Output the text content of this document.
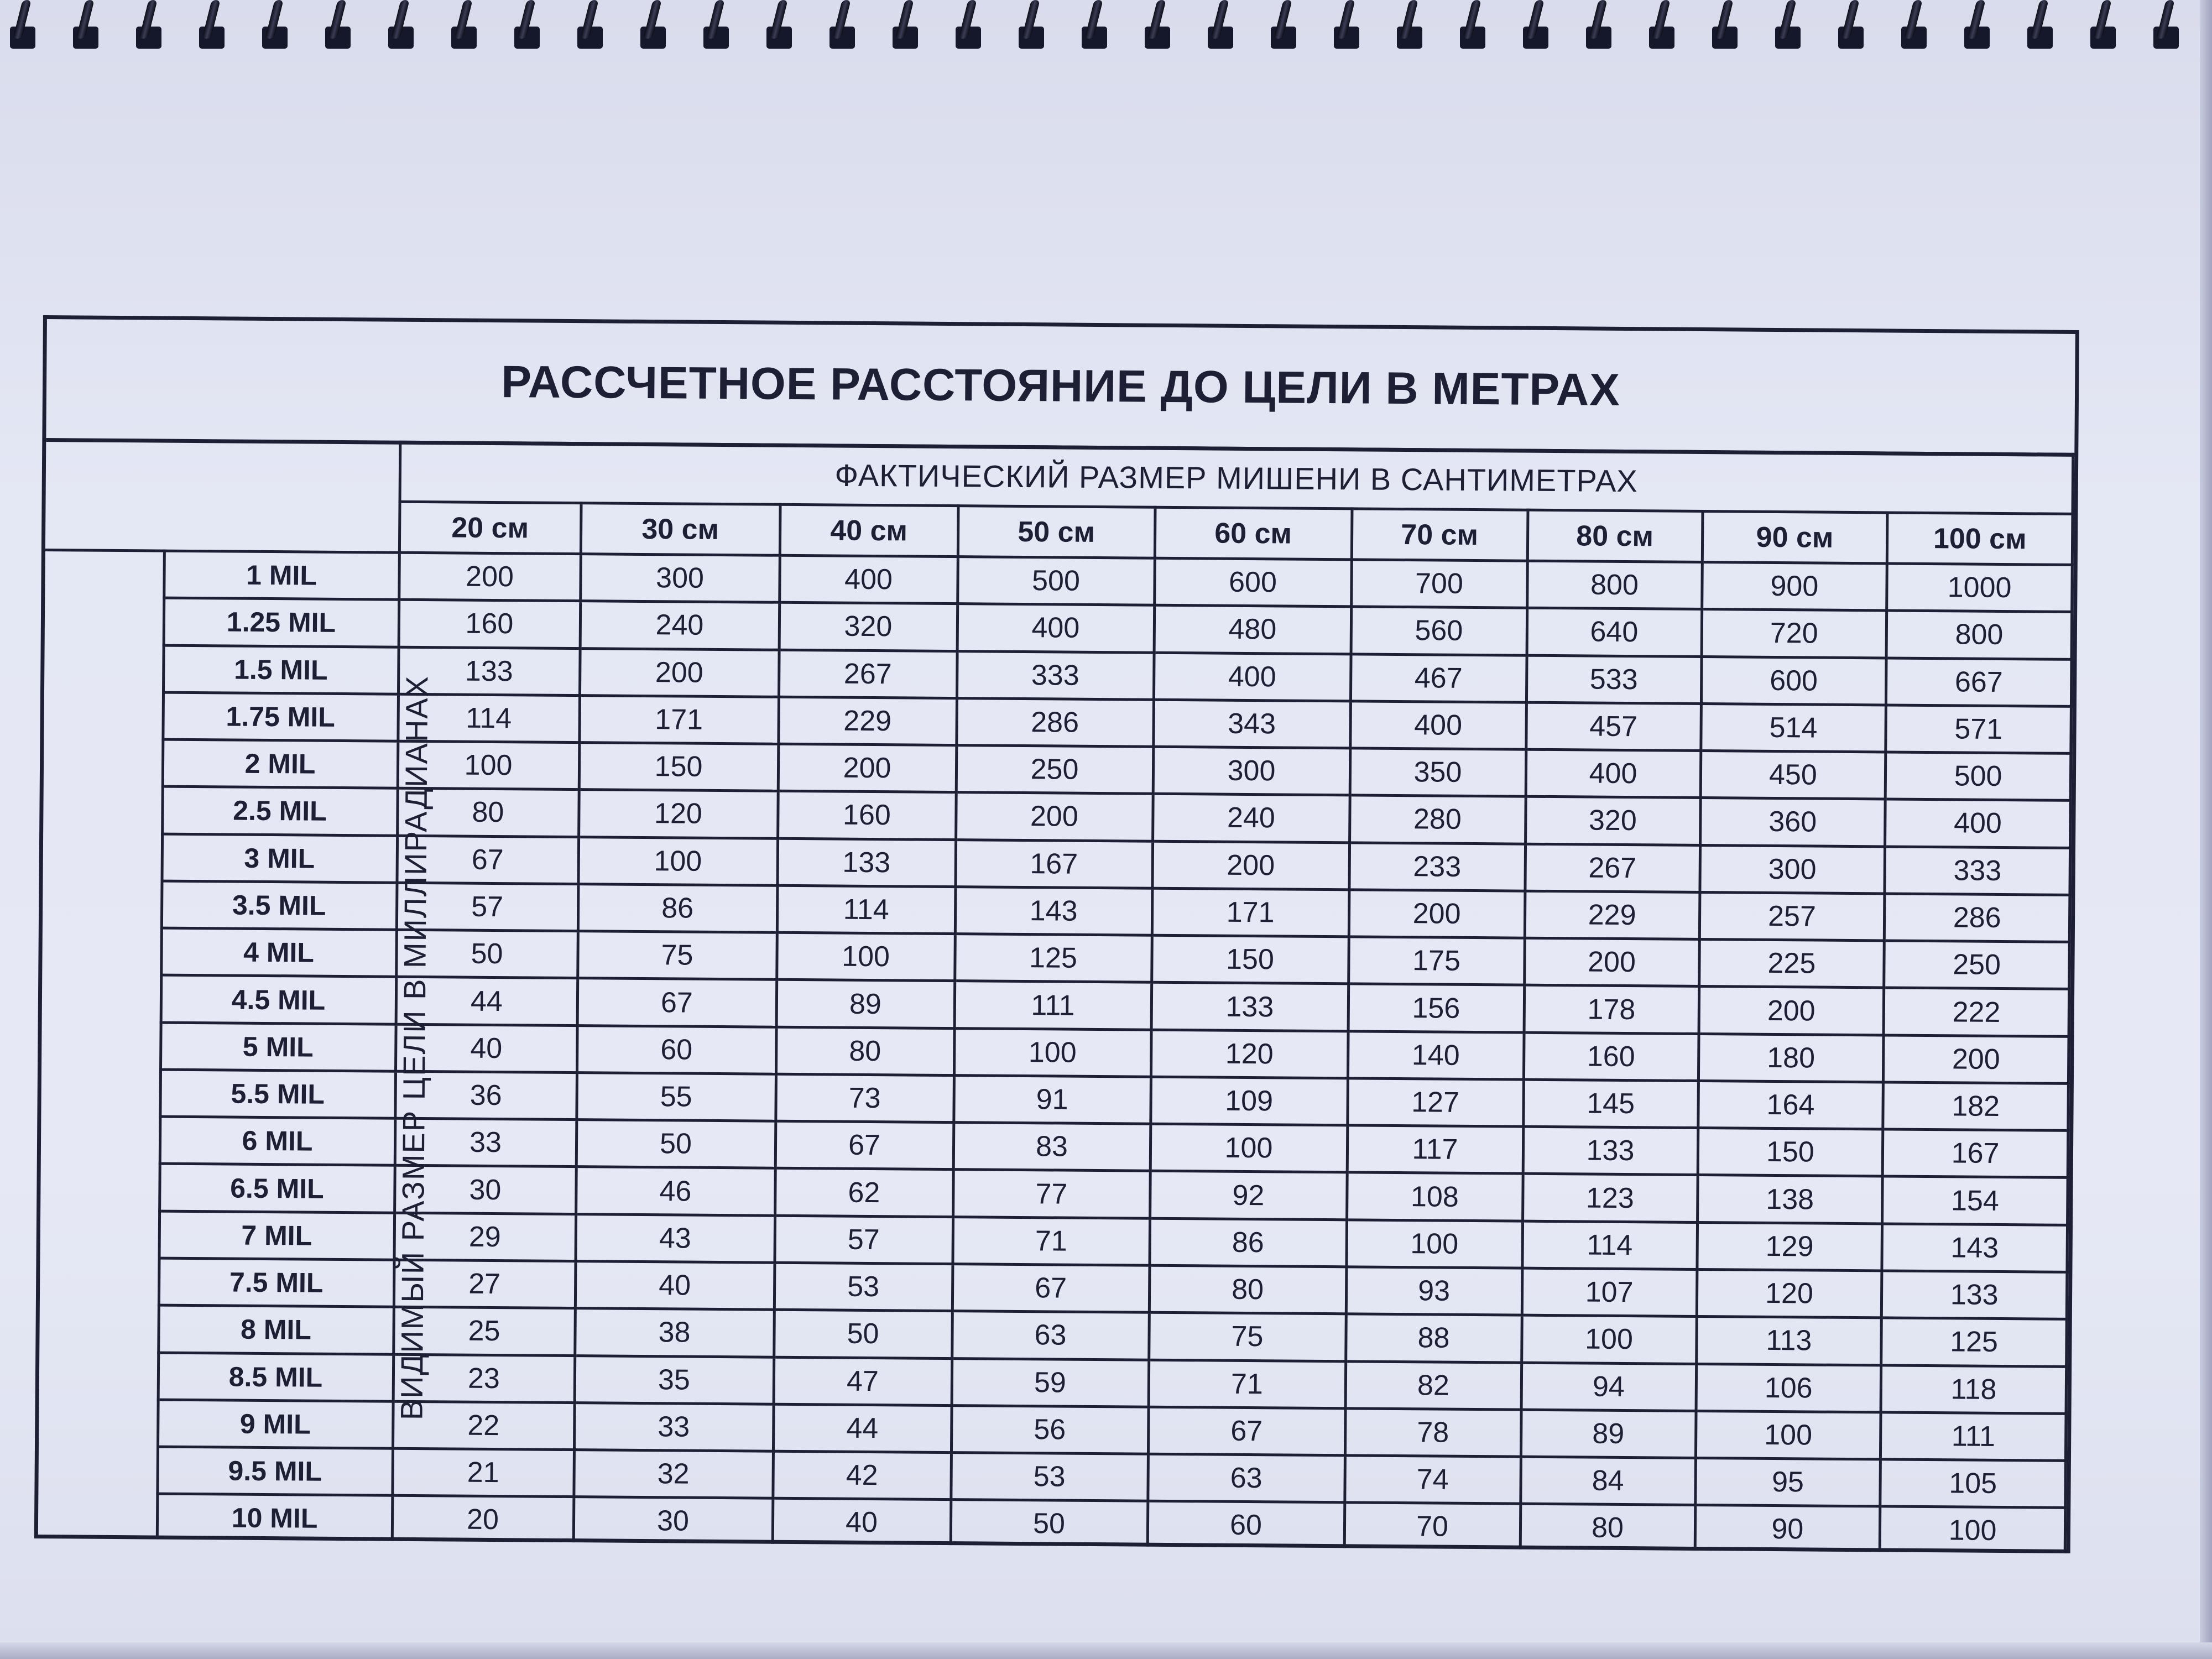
РАССЧЕТНОЕ РАССТОЯНИЕ ДО ЦЕЛИ В МЕТРАХ
		ФАКТИЧЕСКИЙ РАЗМЕР МИШЕНИ В САНТИМЕТРАХ								
		20 см	30 см	40 см	50 см	60 см	70 см	80 см	90 см	100 см
ВИДИМЫЙ РАЗМЕР ЦЕЛИ В МИЛЛИРАДИАНАХ	1 MIL	200	300	400	500	600	700	800	900	1000
	1.25 MIL	160	240	320	400	480	560	640	720	800
	1.5 MIL	133	200	267	333	400	467	533	600	667
	1.75 MIL	114	171	229	286	343	400	457	514	571
	2 MIL	100	150	200	250	300	350	400	450	500
	2.5 MIL	80	120	160	200	240	280	320	360	400
	3 MIL	67	100	133	167	200	233	267	300	333
	3.5 MIL	57	86	114	143	171	200	229	257	286
	4 MIL	50	75	100	125	150	175	200	225	250
	4.5 MIL	44	67	89	111	133	156	178	200	222
	5 MIL	40	60	80	100	120	140	160	180	200
	5.5 MIL	36	55	73	91	109	127	145	164	182
	6 MIL	33	50	67	83	100	117	133	150	167
	6.5 MIL	30	46	62	77	92	108	123	138	154
	7 MIL	29	43	57	71	86	100	114	129	143
	7.5 MIL	27	40	53	67	80	93	107	120	133
	8 MIL	25	38	50	63	75	88	100	113	125
	8.5 MIL	23	35	47	59	71	82	94	106	118
	9 MIL	22	33	44	56	67	78	89	100	111
	9.5 MIL	21	32	42	53	63	74	84	95	105
	10 MIL	20	30	40	50	60	70	80	90	100
